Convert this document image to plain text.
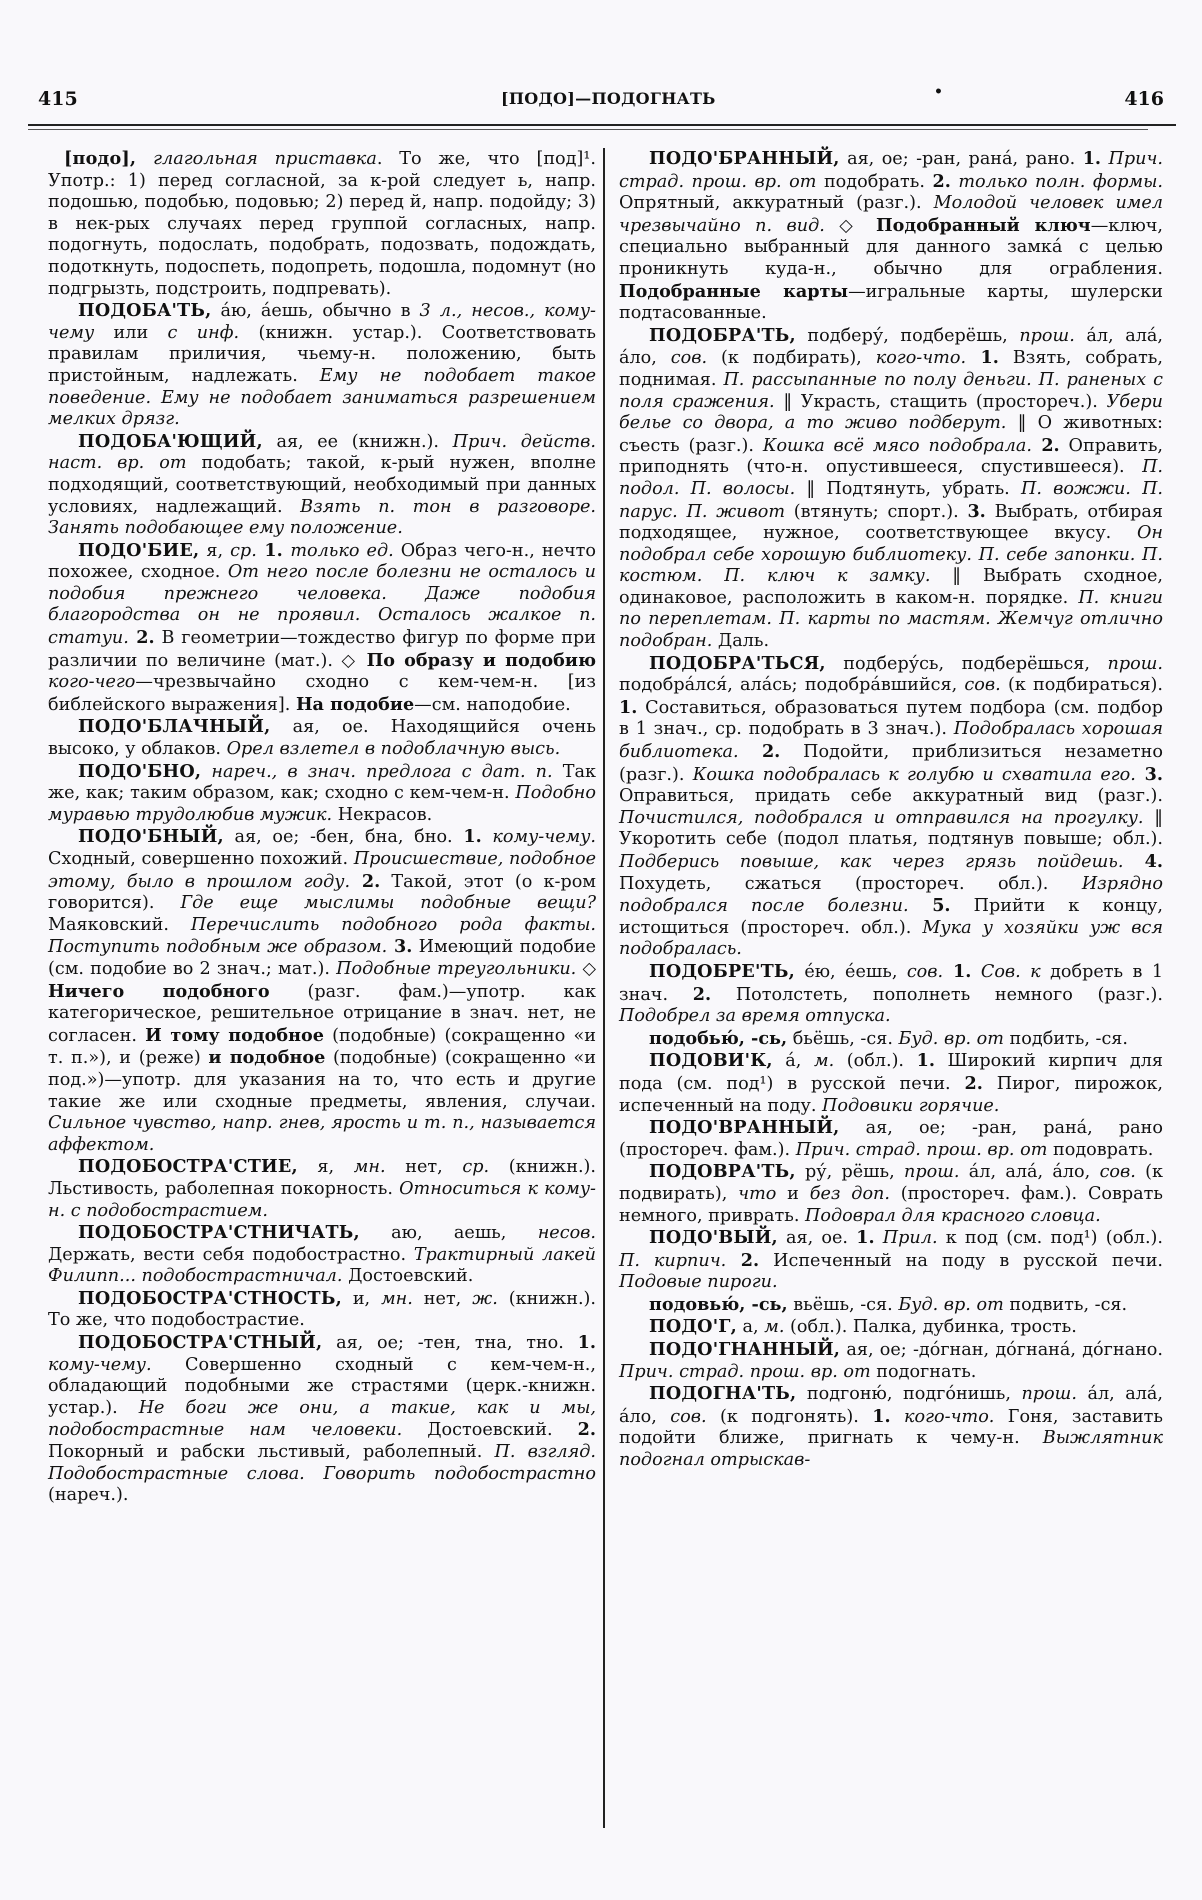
415	[ПОДО]—ПОДОГНАТЬ	•	416

[подо], глагольная приставка. То же, что [под]¹. Употр.: 1) перед согласной, за к-рой следует ь, напр. подошью, подобью, подовью; 2) перед й, напр. подойду; 3) в нек-рых случаях перед группой согласных, напр. подогнуть, подослать, подобрать, подозвать, подождать, подоткнуть, подоспеть, подопреть, подошла, подомнут (но подгрызть, подстроить, подпревать).

ПОДОБА'ТЬ, а́ю, а́ешь, обычно в 3 л., несов., кому-чему или с инф. (книжн. устар.). Соответствовать правилам приличия, чьему-н. положению, быть пристойным, надлежать. Ему не подобает такое поведение. Ему не подобает заниматься разрешением мелких дрязг.

ПОДОБА'ЮЩИЙ, ая, ее (книжн.). Прич. действ. наст. вр. от подобать; такой, к-рый нужен, вполне подходящий, соответствующий, необходимый при данных условиях, надлежащий. Взять п. тон в разговоре. Занять подобающее ему положение.

ПОДО'БИЕ, я, ср. 1. только ед. Образ чего-н., нечто похожее, сходное. От него после болезни не осталось и подобия прежнего человека. Даже подобия благородства он не проявил. Осталось жалкое п. статуи. 2. В геометрии—тождество фигур по форме при различии по величине (мат.). ◇ По образу и подобию кого-чего—чрезвычайно сходно с кем-чем-н. [из библейского выражения]. На подобие—см. наподобие.

ПОДО'БЛАЧНЫЙ, ая, ое. Находящийся очень высоко, у облаков. Орел взлетел в подоблачную высь.

ПОДО'БНО, нареч., в знач. предлога с дат. п. Так же, как; таким образом, как; сходно с кем-чем-н. Подобно муравью трудолюбив мужик. Некрасов.

ПОДО'БНЫЙ, ая, ое; -бен, бна, бно. 1. кому-чему. Сходный, совершенно похожий. Происшествие, подобное этому, было в прошлом году. 2. Такой, этот (о к-ром говорится). Где еще мыслимы подобные вещи? Маяковский. Перечислить подобного рода факты. Поступить подобным же образом. 3. Имеющий подобие (см. подобие во 2 знач.; мат.). Подобные треугольники. ◇ Ничего подобного (разг. фам.)—употр. как категорическое, решительное отрицание в знач. нет, не согласен. И тому подобное (подобные) (сокращенно «и т. п.»), и (реже) и подобное (подобные) (сокращенно «и под.»)—употр. для указания на то, что есть и другие такие же или сходные предметы, явления, случаи. Сильное чувство, напр. гнев, ярость и т. п., называется аффектом.

ПОДОБОСТРА'СТИЕ, я, мн. нет, ср. (книжн.). Льстивость, раболепная покорность. Относиться к кому-н. с подобострастием.

ПОДОБОСТРА'СТНИЧАТЬ, аю, аешь, несов. Держать, вести себя подобострастно. Трактирный лакей Филипп... подобострастничал. Достоевский.

ПОДОБОСТРА'СТНОСТЬ, и, мн. нет, ж. (книжн.). То же, что подобострастие.

ПОДОБОСТРА'СТНЫЙ, ая, ое; -тен, тна, тно. 1. кому-чему. Совершенно сходный с кем-чем-н., обладающий подобными же страстями (церк.-книжн. устар.). Не боги же они, а такие, как и мы, подобострастные нам человеки. Достоевский. 2. Покорный и рабски льстивый, раболепный. П. взгляд. Подобострастные слова. Говорить подобострастно (нареч.).

ПОДО'БРАННЫЙ, ая, ое; -ран, рана́, рано. 1. Прич. страд. прош. вр. от подобрать. 2. только полн. формы. Опрятный, аккуратный (разг.). Молодой человек имел чрезвычайно п. вид. ◇ Подобранный ключ—ключ, специально выбранный для данного замка́ с целью проникнуть куда-н., обычно для ограбления. Подобранные карты—игральные карты, шулерски подтасованные.

ПОДОБРА'ТЬ, подберу́, подберёшь, прош. а́л, ала́, а́ло, сов. (к подбирать), кого-что. 1. Взять, собрать, поднимая. П. рассыпанные по полу деньги. П. раненых с поля сражения. ‖ Украсть, стащить (простореч.). Убери белье со двора, а то живо подберут. ‖ О животных: съесть (разг.). Кошка всё мясо подобрала. 2. Оправить, приподнять (что-н. опустившееся, спустившееся). П. подол. П. волосы. ‖ Подтянуть, убрать. П. вожжи. П. парус. П. живот (втянуть; спорт.). 3. Выбрать, отбирая подходящее, нужное, соответствующее вкусу. Он подобрал себе хорошую библиотеку. П. себе запонки. П. костюм. П. ключ к замку. ‖ Выбрать сходное, одинаковое, расположить в каком-н. порядке. П. книги по переплетам. П. карты по мастям. Жемчуг отлично подобран. Даль.

ПОДОБРА'ТЬСЯ, подберу́сь, подберёшься, прош. подобра́лся́, ала́сь; подобра́вшийся, сов. (к подбираться). 1. Составиться, образоваться путем подбора (см. подбор в 1 знач., ср. подобрать в 3 знач.). Подобралась хорошая библиотека. 2. Подойти, приблизиться незаметно (разг.). Кошка подобралась к голубю и схватила его. 3. Оправиться, придать себе аккуратный вид (разг.). Почистился, подобрался и отправился на прогулку. ‖ Укоротить себе (подол платья, подтянув повыше; обл.). Подберись повыше, как через грязь пойдешь. 4. Похудеть, сжаться (простореч. обл.). Изрядно подобрался после болезни. 5. Прийти к концу, истощиться (простореч. обл.). Мука у хозяйки уж вся подобралась.

ПОДОБРЕ'ТЬ, е́ю, е́ешь, сов. 1. Сов. к добреть в 1 знач. 2. Потолстеть, пополнеть немного (разг.). Подобрел за время отпуска.

подобью́, -сь, бьёшь, -ся. Буд. вр. от подбить, -ся.

ПОДОВИ'К, а́, м. (обл.). 1. Широкий кирпич для пода (см. под¹) в русской печи. 2. Пирог, пирожок, испеченный на поду. Подовики горячие.

ПОДО'ВРАННЫЙ, ая, ое; -ран, рана́, рано (простореч. фам.). Прич. страд. прош. вр. от подоврать.

ПОДОВРА'ТЬ, ру́, рёшь, прош. а́л, ала́, а́ло, сов. (к подвирать), что и без доп. (простореч. фам.). Соврать немного, приврать. Подоврал для красного словца.

ПОДО'ВЫЙ, ая, ое. 1. Прил. к под (см. под¹) (обл.). П. кирпич. 2. Испеченный на поду в русской печи. Подовые пироги.

подовью́, -сь, вьёшь, -ся. Буд. вр. от подвить, -ся.

ПОДО'Г, а, м. (обл.). Палка, дубинка, трость.

ПОДО'ГНАННЫЙ, ая, ое; -до́гнан, до́гнана́, до́гнано. Прич. страд. прош. вр. от подогнать.

ПОДОГНА'ТЬ, подгоню́, подго́нишь, прош. а́л, ала́, а́ло, сов. (к подгонять). 1. кого-что. Гоня, заставить подойти ближе, пригнать к чему-н. Выжлятник подогнал отрыскав-
